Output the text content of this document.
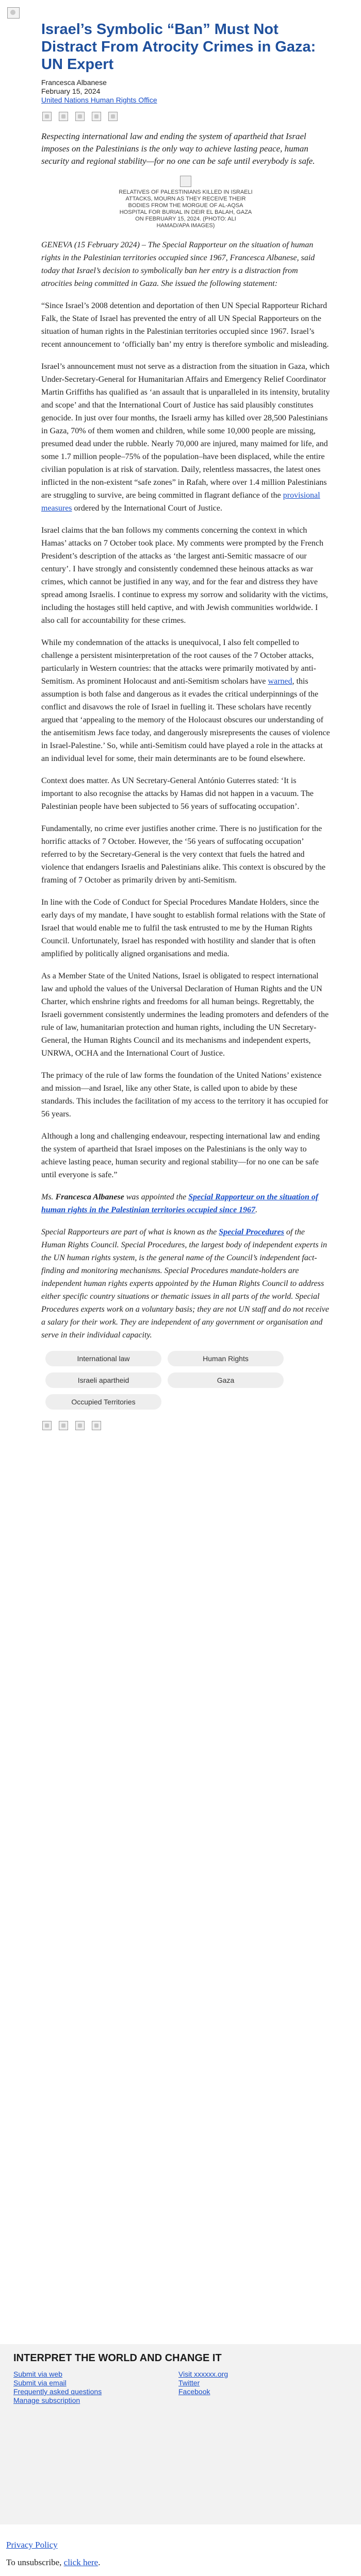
Israel’s Symbolic “Ban” Must Not Distract From Atrocity Crimes in Gaza: UN Expert
Francesca Albanese
February 15, 2024
United Nations Human Rights Office

Respecting international law and ending the system of apartheid that Israel imposes on the Palestinians is the only way to achieve lasting peace, human security and regional stability—for no one can be safe until everybody is safe.

RELATIVES OF PALESTINIANS KILLED IN ISRAELI ATTACKS, MOURN AS THEY RECEIVE THEIR BODIES FROM THE MORGUE OF AL-AQSA HOSPITAL FOR BURIAL IN DEIR EL BALAH, GAZA ON FEBRUARY 15, 2024. (PHOTO: ALI HAMAD/APA IMAGES)

GENEVA (15 February 2024) – The Special Rapporteur on the situation of human rights in the Palestinian territories occupied since 1967, Francesca Albanese, said today that Israel’s decision to symbolically ban her entry is a distraction from atrocities being committed in Gaza. She issued the following statement:

“Since Israel’s 2008 detention and deportation of then UN Special Rapporteur Richard Falk, the State of Israel has prevented the entry of all UN Special Rapporteurs on the situation of human rights in the Palestinian territories occupied since 1967. Israel’s recent announcement to ‘officially ban’ my entry is therefore symbolic and misleading.

Israel’s announcement must not serve as a distraction from the situation in Gaza, which Under-Secretary-General for Humanitarian Affairs and Emergency Relief Coordinator Martin Griffiths has qualified as ‘an assault that is unparalleled in its intensity, brutality and scope’ and that the International Court of Justice has said plausibly constitutes genocide. In just over four months, the Israeli army has killed over 28,500 Palestinians in Gaza, 70% of them women and children, while some 10,000 people are missing, presumed dead under the rubble. Nearly 70,000 are injured, many maimed for life, and some 1.7 million people–75% of the population–have been displaced, while the entire civilian population is at risk of starvation. Daily, relentless massacres, the latest ones inflicted in the non-existent “safe zones” in Rafah, where over 1.4 million Palestinians are struggling to survive, are being committed in flagrant defiance of the provisional measures ordered by the International Court of Justice.

Israel claims that the ban follows my comments concerning the context in which Hamas’ attacks on 7 October took place. My comments were prompted by the French President’s description of the attacks as ‘the largest anti-Semitic massacre of our century’. I have strongly and consistently condemned these heinous attacks as war crimes, which cannot be justified in any way, and for the fear and distress they have spread among Israelis. I continue to express my sorrow and solidarity with the victims, including the hostages still held captive, and with Jewish communities worldwide. I also call for accountability for these crimes.

While my condemnation of the attacks is unequivocal, I also felt compelled to challenge a persistent misinterpretation of the root causes of the 7 October attacks, particularly in Western countries: that the attacks were primarily motivated by anti-Semitism. As prominent Holocaust and anti-Semitism scholars have warned, this assumption is both false and dangerous as it evades the critical underpinnings of the conflict and disavows the role of Israel in fuelling it. These scholars have recently argued that ‘appealing to the memory of the Holocaust obscures our understanding of the antisemitism Jews face today, and dangerously misrepresents the causes of violence in Israel-Palestine.’ So, while anti-Semitism could have played a role in the attacks at an individual level for some, their main determinants are to be found elsewhere.

Context does matter. As UN Secretary-General António Guterres stated: ‘It is important to also recognise the attacks by Hamas did not happen in a vacuum. The Palestinian people have been subjected to 56 years of suffocating occupation’.

Fundamentally, no crime ever justifies another crime. There is no justification for the horrific attacks of 7 October. However, the ‘56 years of suffocating occupation’ referred to by the Secretary-General is the very context that fuels the hatred and violence that endangers Israelis and Palestinians alike. This context is obscured by the framing of 7 October as primarily driven by anti-Semitism.

In line with the Code of Conduct for Special Procedures Mandate Holders, since the early days of my mandate, I have sought to establish formal relations with the State of Israel that would enable me to fulfil the task entrusted to me by the Human Rights Council. Unfortunately, Israel has responded with hostility and slander that is often amplified by politically aligned organisations and media.

As a Member State of the United Nations, Israel is obligated to respect international law and uphold the values of the Universal Declaration of Human Rights and the UN Charter, which enshrine rights and freedoms for all human beings. Regrettably, the Israeli government consistently undermines the leading promoters and defenders of the rule of law, humanitarian protection and human rights, including the UN Secretary-General, the Human Rights Council and its mechanisms and independent experts, UNRWA, OCHA and the International Court of Justice.

The primacy of the rule of law forms the foundation of the United Nations’ existence and mission—and Israel, like any other State, is called upon to abide by these standards. This includes the facilitation of my access to the territory it has occupied for 56 years.

Although a long and challenging endeavour, respecting international law and ending the system of apartheid that Israel imposes on the Palestinians is the only way to achieve lasting peace, human security and regional stability—for no one can be safe until everyone is safe.”

Ms. Francesca Albanese was appointed the Special Rapporteur on the situation of human rights in the Palestinian territories occupied since 1967.

Special Rapporteurs are part of what is known as the Special Procedures of the Human Rights Council. Special Procedures, the largest body of independent experts in the UN human rights system, is the general name of the Council’s independent fact-finding and monitoring mechanisms. Special Procedures mandate-holders are independent human rights experts appointed by the Human Rights Council to address either specific country situations or thematic issues in all parts of the world. Special Procedures experts work on a voluntary basis; they are not UN staff and do not receive a salary for their work. They are independent of any government or organisation and serve in their individual capacity.

International law	Human Rights
Israeli apartheid	Gaza
Occupied Territories
INTERPRET THE WORLD AND CHANGE IT
Submit via web
Submit via email
Frequently asked questions
Manage subscription
Visit xxxxxx.org
Twitter
Facebook
Privacy Policy
To unsubscribe, click here.
